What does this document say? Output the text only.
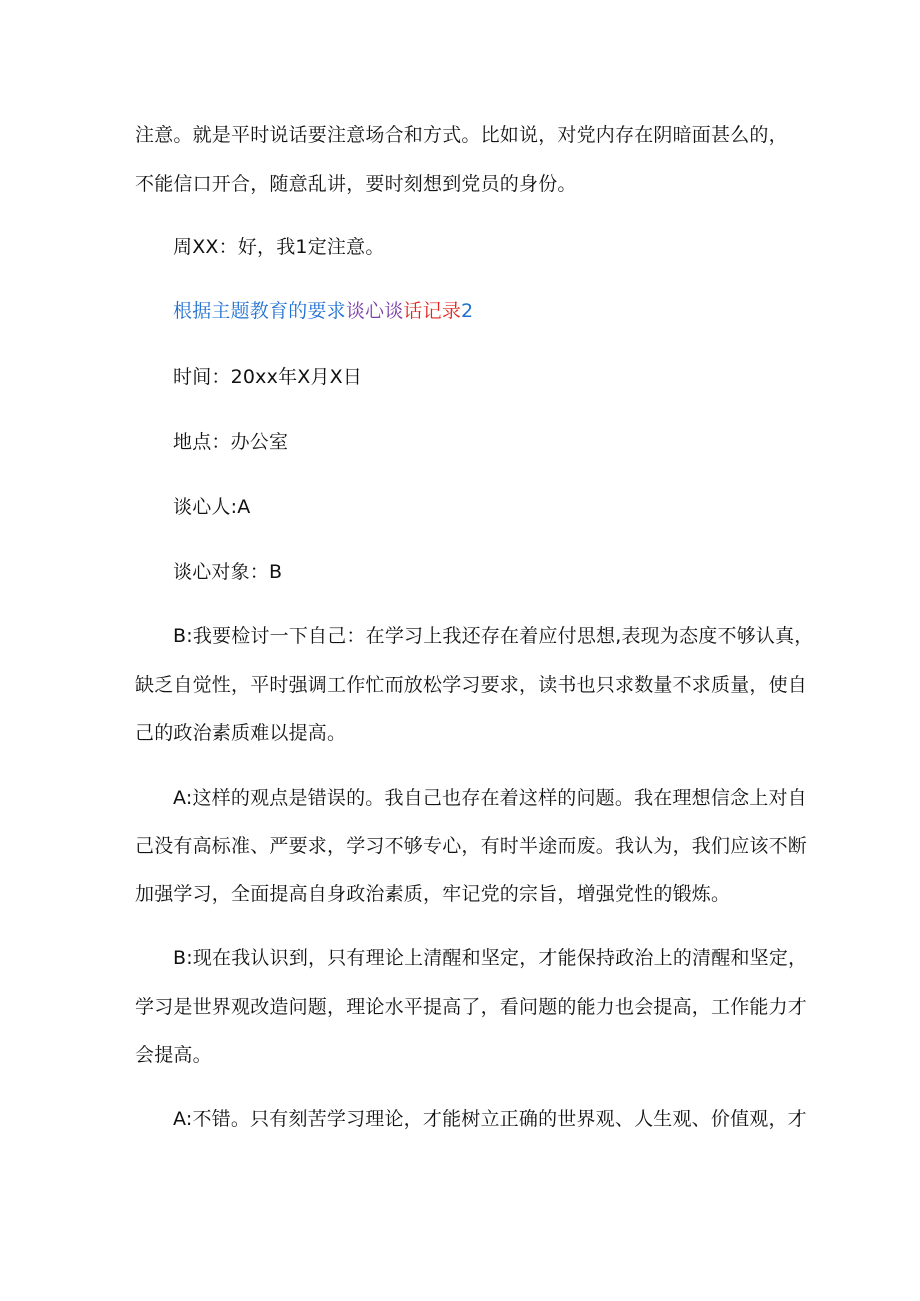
注意。就是平时说话要注意场合和方式。比如说，对党内存在阴暗面甚么的，
不能信口开合，随意乱讲，要时刻想到党员的身份。
周XX：好，我1定注意。
根据主题教育的要求谈心谈话记录2
时间：20xx年X月X日
地点：办公室
谈心人:A
谈心对象：B
B:我要检讨一下自己：在学习上我还存在着应付思想,表现为态度不够认真，
缺乏自觉性，平时强调工作忙而放松学习要求，读书也只求数量不求质量，使自
己的政治素质难以提高。
A:这样的观点是错误的。我自己也存在着这样的问题。我在理想信念上对自
己没有高标准、严要求，学习不够专心，有时半途而废。我认为，我们应该不断
加强学习，全面提高自身政治素质，牢记党的宗旨，增强党性的锻炼。
B:现在我认识到，只有理论上清醒和坚定，才能保持政治上的清醒和坚定，
学习是世界观改造问题，理论水平提高了，看问题的能力也会提高，工作能力才
会提高。
A:不错。只有刻苦学习理论，才能树立正确的世界观、人生观、价值观，才
